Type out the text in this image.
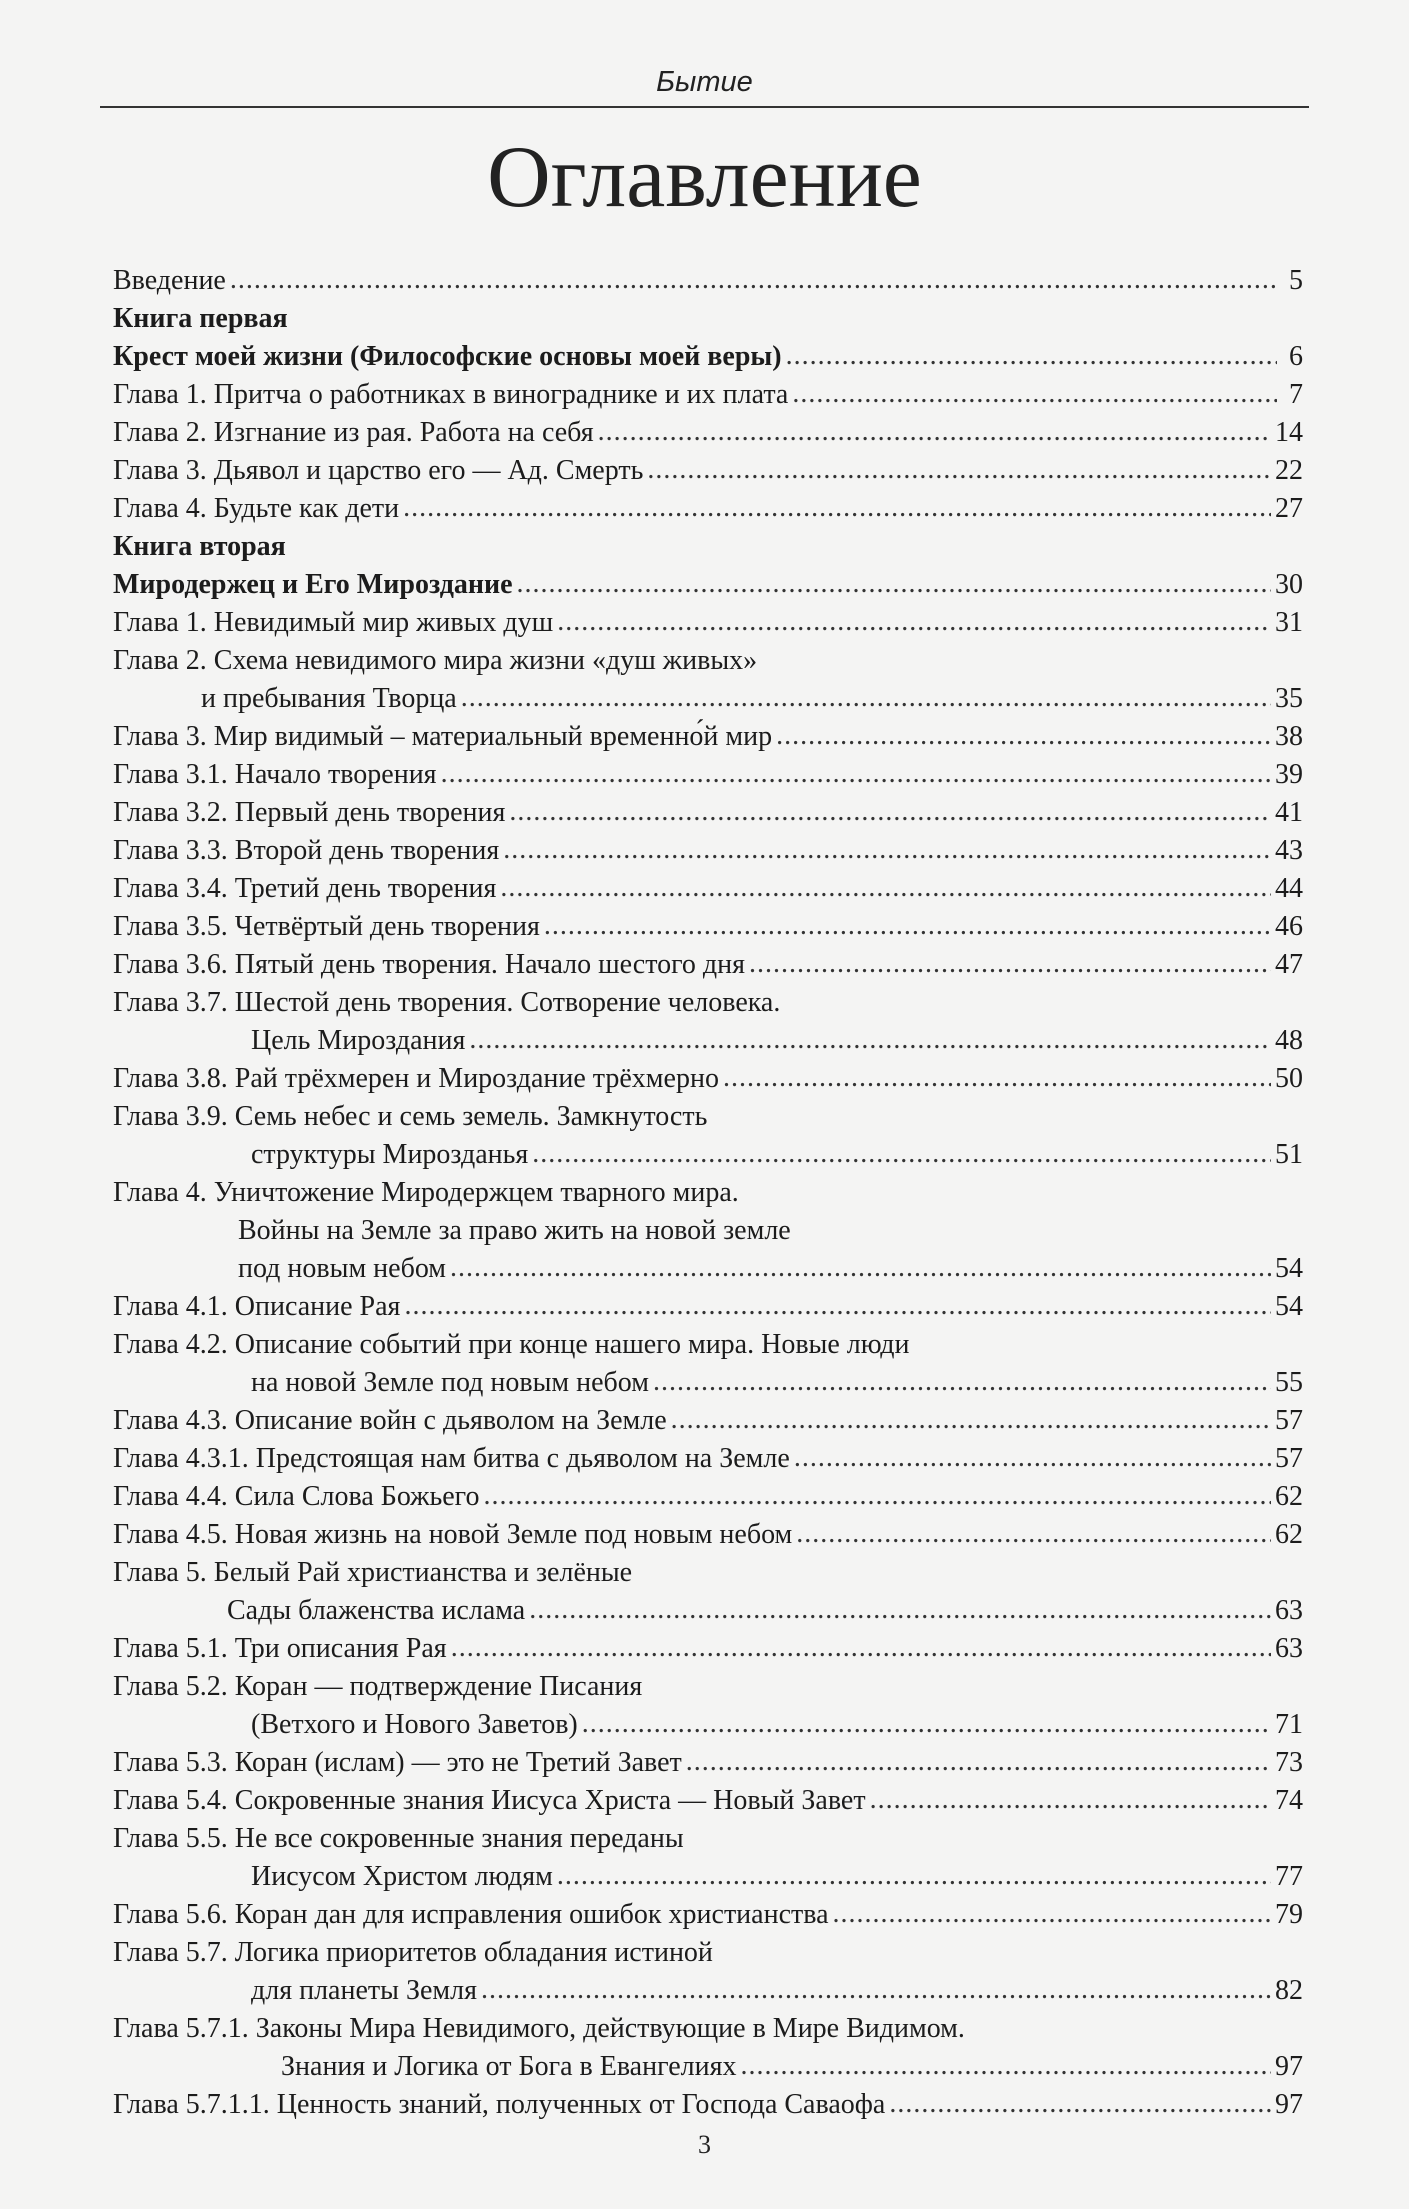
Бытие
Оглавление
Введение . . .	5
Книга первая
Крест моей жизни (Философские основы моей веры) . . .	6
Глава 1. Притча о работниках в винограднике и их плата . . .	7
Глава 2. Изгнание из рая. Работа на себя . . .	14
Глава 3. Дьявол и царство его — Ад. Смерть . . .	22
Глава 4. Будьте как дети . . .	27
Книга вторая
Миродержец и Его Мироздание . . .	30
Глава 1. Невидимый мир живых душ . . .	31
Глава 2. Схема невидимого мира жизни «душ живых»
и пребывания Творца . . .	35
Глава 3. Мир видимый – материальный временно́й мир . . .	38
Глава 3.1. Начало творения . . .	39
Глава 3.2. Первый день творения . . .	41
Глава 3.3. Второй день творения . . .	43
Глава 3.4. Третий день творения . . .	44
Глава 3.5. Четвёртый день творения . . .	46
Глава 3.6. Пятый день творения. Начало шестого дня . . .	47
Глава 3.7. Шестой день творения. Сотворение человека.
Цель Мироздания . . .	48
Глава 3.8. Рай трёхмерен и Мироздание трёхмерно . . .	50
Глава 3.9. Семь небес и семь земель. Замкнутость
структуры Мирозданья . . .	51
Глава 4. Уничтожение Миродержцем тварного мира.
Войны на Земле за право жить на новой земле
под новым небом . . .	54
Глава 4.1. Описание Рая . . .	54
Глава 4.2. Описание событий при конце нашего мира. Новые люди
на новой Земле под новым небом . . .	55
Глава 4.3. Описание войн с дьяволом на Земле . . .	57
Глава 4.3.1. Предстоящая нам битва с дьяволом на Земле . . .	57
Глава 4.4. Сила Слова Божьего . . .	62
Глава 4.5. Новая жизнь на новой Земле под новым небом . . .	62
Глава 5. Белый Рай христианства и зелёные
Сады блаженства ислама . . .	63
Глава 5.1. Три описания Рая . . .	63
Глава 5.2. Коран — подтверждение Писания
(Ветхого и Нового Заветов) . . .	71
Глава 5.3. Коран (ислам) — это не Третий Завет . . .	73
Глава 5.4. Сокровенные знания Иисуса Христа — Новый Завет . . .	74
Глава 5.5. Не все сокровенные знания переданы
Иисусом Христом людям . . .	77
Глава 5.6. Коран дан для исправления ошибок христианства . . .	79
Глава 5.7. Логика приоритетов обладания истиной
для планеты Земля . . .	82
Глава 5.7.1. Законы Мира Невидимого, действующие в Мире Видимом.
Знания и Логика от Бога в Евангелиях . . .	97
Глава 5.7.1.1. Ценность знаний, полученных от Господа Саваофа . . .	97
3
